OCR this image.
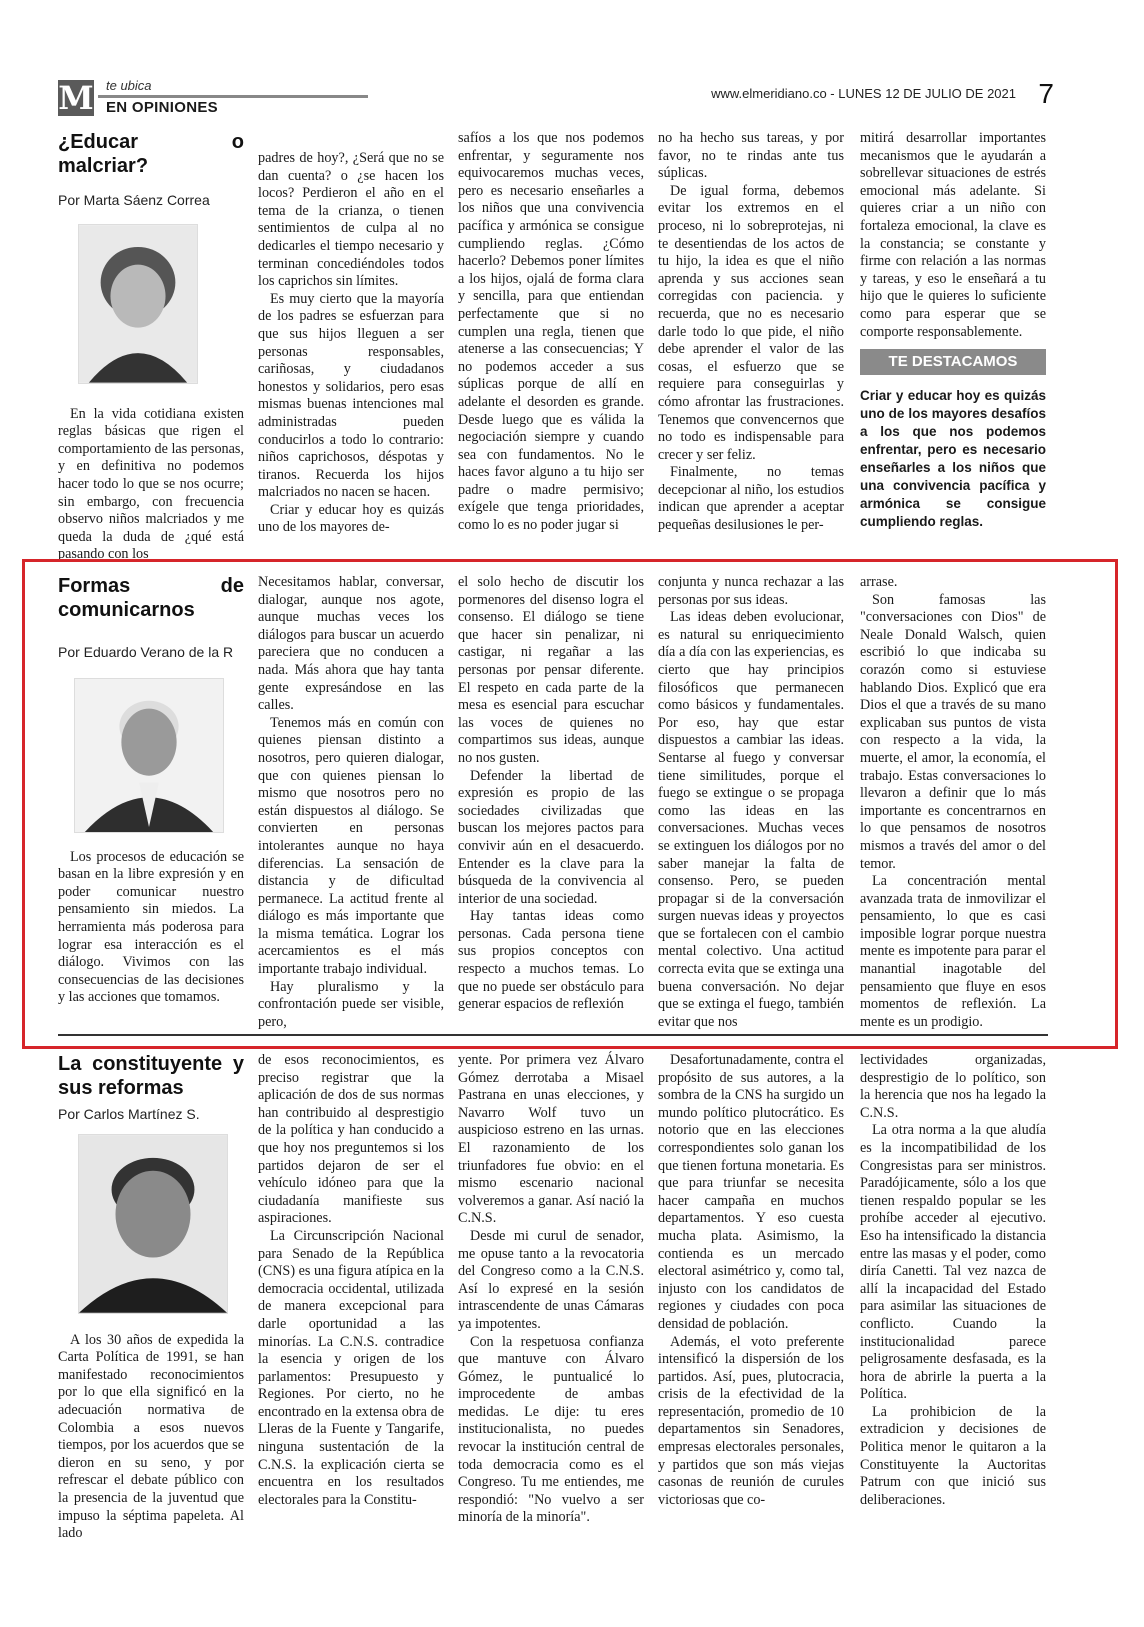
M te ubica
EN OPINIONES
www.elmeridiano.co - LUNES 12 DE JULIO DE 2021 7
¿Educar o malcriar?
Por Marta Sáenz Correa

En la vida cotidiana existen reglas básicas que rigen el comportamiento de las personas, y en definitiva no podemos hacer todo lo que se nos ocurre; sin embargo, con frecuencia observo niños malcriados y me queda la duda de ¿qué está pasando con los

padres de hoy?, ¿Será que no se dan cuenta? o ¿se hacen los locos? Perdieron el año en el tema de la crianza, o tienen sentimientos de culpa al no dedicarles el tiempo necesario y terminan concediéndoles todos los caprichos sin límites.

Es muy cierto que la mayoría de los padres se esfuerzan para que sus hijos lleguen a ser personas responsables, cariñosas, y ciudadanos honestos y solidarios, pero esas mismas buenas intenciones mal administradas pueden conducirlos a todo lo contrario: niños caprichosos, déspotas y tiranos. Recuerda los hijos malcriados no nacen se hacen.

Criar y educar hoy es quizás uno de los mayores de-

safíos a los que nos podemos enfrentar, y seguramente nos equivocaremos muchas veces, pero es necesario enseñarles a los niños que una convivencia pacífica y armónica se consigue cumpliendo reglas. ¿Cómo hacerlo? Debemos poner límites a los hijos, ojalá de forma clara y sencilla, para que entiendan perfectamente que si no cumplen una regla, tienen que atenerse a las consecuencias; Y no podemos acceder a sus súplicas porque de allí en adelante el desorden es grande. Desde luego que es válida la negociación siempre y cuando sea con fundamentos. No le haces favor alguno a tu hijo ser padre o madre permisivo; exígele que tenga prioridades, como lo es no poder jugar si

no ha hecho sus tareas, y por favor, no te rindas ante tus súplicas.

De igual forma, debemos evitar los extremos en el proceso, ni lo sobreprotejas, ni te desentiendas de los actos de tu hijo, la idea es que el niño aprenda y sus acciones sean corregidas con paciencia. y recuerda, que no es necesario darle todo lo que pide, el niño debe aprender el valor de las cosas, el esfuerzo que se requiere para conseguirlas y cómo afrontar las frustraciones. Tenemos que convencernos que no todo es indispensable para crecer y ser feliz.

Finalmente, no temas decepcionar al niño, los estudios indican que aprender a aceptar pequeñas desilusiones le per-

mitirá desarrollar importantes mecanismos que le ayudarán a sobrellevar situaciones de estrés emocional más adelante. Si quieres criar a un niño con fortaleza emocional, la clave es la constancia; se constante y firme con relación a las normas y tareas, y eso le enseñará a tu hijo que le quieres lo suficiente como para esperar que se comporte responsablemente.

TE DESTACAMOS
Criar y educar hoy es quizás uno de los mayores desafíos a los que nos podemos enfrentar, pero es necesario enseñarles a los niños que una convivencia pacífica y armónica se consigue cumpliendo reglas.
Formas de comunicarnos
Por Eduardo Verano de la R

Los procesos de educación se basan en la libre expresión y en poder comunicar nuestro pensamiento sin miedos. La herramienta más poderosa para lograr esa interacción es el diálogo. Vivimos con las consecuencias de las decisiones y las acciones que tomamos.

Necesitamos hablar, conversar, dialogar, aunque nos agote, aunque muchas veces los diálogos para buscar un acuerdo pareciera que no conducen a nada. Más ahora que hay tanta gente expresándose en las calles.

Tenemos más en común con quienes piensan distinto a nosotros, pero quieren dialogar, que con quienes piensan lo mismo que nosotros pero no están dispuestos al diálogo. Se convierten en personas intolerantes aunque no haya diferencias. La sensación de distancia y de dificultad permanece. La actitud frente al diálogo es más importante que la misma temática. Lograr los acercamientos es el más importante trabajo individual.

Hay pluralismo y la confrontación puede ser visible, pero,

el solo hecho de discutir los pormenores del disenso logra el consenso. El diálogo se tiene que hacer sin penalizar, ni castigar, ni regañar a las personas por pensar diferente. El respeto en cada parte de la mesa es esencial para escuchar las voces de quienes no compartimos sus ideas, aunque no nos gusten.

Defender la libertad de expresión es propio de las sociedades civilizadas que buscan los mejores pactos para convivir aún en el desacuerdo. Entender es la clave para la búsqueda de la convivencia al interior de una sociedad.

Hay tantas ideas como personas. Cada persona tiene sus propios conceptos con respecto a muchos temas. Lo que no puede ser obstáculo para generar espacios de reflexión

conjunta y nunca rechazar a las personas por sus ideas.

Las ideas deben evolucionar, es natural su enriquecimiento día a día con las experiencias, es cierto que hay principios filosóficos que permanecen como básicos y fundamentales. Por eso, hay que estar dispuestos a cambiar las ideas. Sentarse al fuego y conversar tiene similitudes, porque el fuego se extingue o se propaga como las ideas en las conversaciones. Muchas veces se extinguen los diálogos por no saber manejar la falta de consenso. Pero, se pueden propagar si de la conversación surgen nuevas ideas y proyectos que se fortalecen con el cambio mental colectivo. Una actitud correcta evita que se extinga una buena conversación. No dejar que se extinga el fuego, también evitar que nos

arrase.

Son famosas las "conversaciones con Dios" de Neale Donald Walsch, quien escribió lo que indicaba su corazón como si estuviese hablando Dios. Explicó que era Dios el que a través de su mano explicaban sus puntos de vista con respecto a la vida, la muerte, el amor, la economía, el trabajo. Estas conversaciones lo llevaron a definir que lo más importante es concentrarnos en lo que pensamos de nosotros mismos a través del amor o del temor.

La concentración mental avanzada trata de inmovilizar el pensamiento, lo que es casi imposible lograr porque nuestra mente es impotente para parar el manantial inagotable del pensamiento que fluye en esos momentos de reflexión. La mente es un prodigio.

La constituyente y sus reformas
Por Carlos Martínez S.

A los 30 años de expedida la Carta Política de 1991, se han manifestado reconocimientos por lo que ella significó en la adecuación normativa de Colombia a esos nuevos tiempos, por los acuerdos que se dieron en su seno, y por refrescar el debate público con la presencia de la juventud que impuso la séptima papeleta. Al lado

de esos reconocimientos, es preciso registrar que la aplicación de dos de sus normas han contribuido al desprestigio de la política y han conducido a que hoy nos preguntemos si los partidos dejaron de ser el vehículo idóneo para que la ciudadanía manifieste sus aspiraciones.

La Circunscripción Nacional para Senado de la República (CNS) es una figura atípica en la democracia occidental, utilizada de manera excepcional para darle oportunidad a las minorías. La C.N.S. contradice la esencia y origen de los parlamentos: Presupuesto y Regiones. Por cierto, no he encontrado en la extensa obra de Lleras de la Fuente y Tangarife, ninguna sustentación de la C.N.S. la explicación cierta se encuentra en los resultados electorales para la Constitu-

yente. Por primera vez Álvaro Gómez derrotaba a Misael Pastrana en unas elecciones, y Navarro Wolf tuvo un auspicioso estreno en las urnas. El razonamiento de los triunfadores fue obvio: en el mismo escenario nacional volveremos a ganar. Así nació la C.N.S.

Desde mi curul de senador, me opuse tanto a la revocatoria del Congreso como a la C.N.S. Así lo expresé en la sesión intrascendente de unas Cámaras ya impotentes.

Con la respetuosa confianza que mantuve con Álvaro Gómez, le puntualicé lo improcedente de ambas medidas. Le dije: tu eres institucionalista, no puedes revocar la institución central de toda democracia como es el Congreso. Tu me entiendes, me respondió: "No vuelvo a ser minoría de la minoría".

Desafortunadamente, contra el propósito de sus autores, a la sombra de la CNS ha surgido un mundo político plutocrático. Es notorio que en las elecciones correspondientes solo ganan los que tienen fortuna monetaria. Es que para triunfar se necesita hacer campaña en muchos departamentos. Y eso cuesta mucha plata. Asimismo, la contienda es un mercado electoral asimétrico y, como tal, injusto con los candidatos de regiones y ciudades con poca densidad de población.

Además, el voto preferente intensificó la dispersión de los partidos. Así, pues, plutocracia, crisis de la efectividad de la representación, promedio de 10 departamentos sin Senadores, empresas electorales personales, y partidos que son más viejas casonas de reunión de curules victoriosas que co-

lectividades organizadas, desprestigio de lo político, son la herencia que nos ha legado la C.N.S.

La otra norma a la que aludía es la incompatibilidad de los Congresistas para ser ministros. Paradójicamente, sólo a los que tienen respaldo popular se les prohíbe acceder al ejecutivo. Eso ha intensificado la distancia entre las masas y el poder, como diría Canetti. Tal vez nazca de allí la incapacidad del Estado para asimilar las situaciones de conflicto. Cuando la institucionalidad parece peligrosamente desfasada, es la hora de abrirle la puerta a la Política.

La prohibicion de la extradicion y decisiones de Politica menor le quitaron a la Constituyente la Auctoritas Patrum con que inició sus deliberaciones.
